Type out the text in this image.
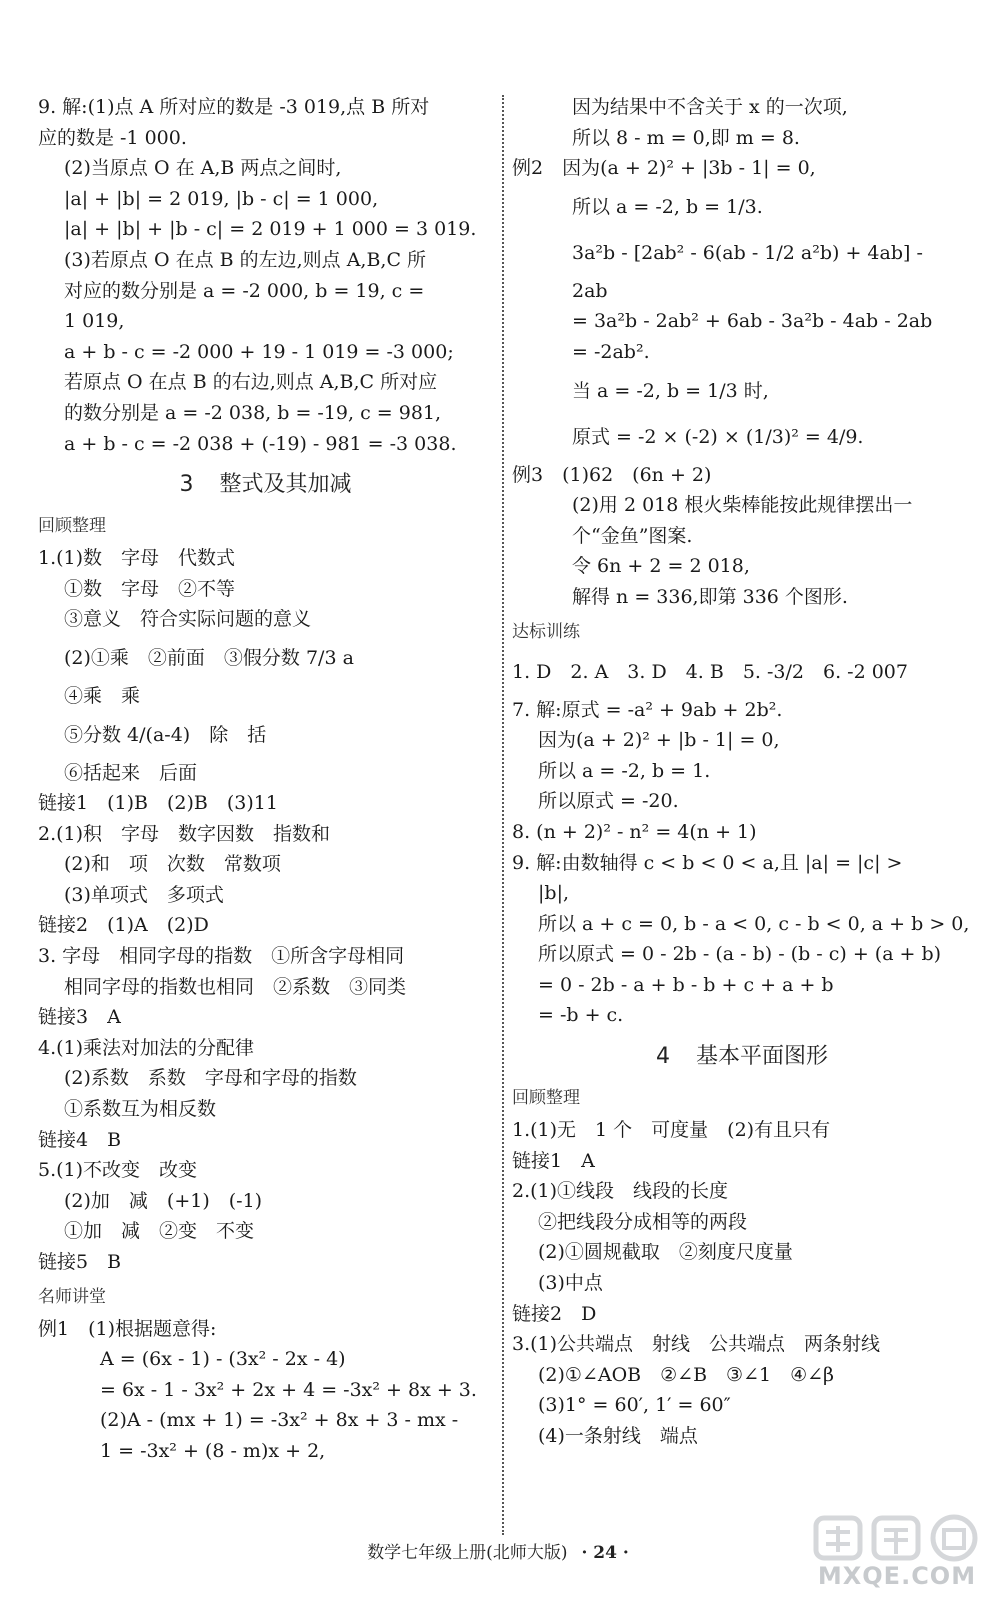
9. 解:(1)点 A 所对应的数是 -3 019,点 B 所对
应的数是 -1 000.
(2)当原点 O 在 A,B 两点之间时,
|a| + |b| = 2 019, |b - c| = 1 000,
|a| + |b| + |b - c| = 2 019 + 1 000 = 3 019.
(3)若原点 O 在点 B 的左边,则点 A,B,C 所
对应的数分别是 a = -2 000, b = 19, c =
1 019,
a + b - c = -2 000 + 19 - 1 019 = -3 000;
若原点 O 在点 B 的右边,则点 A,B,C 所对应
的数分别是 a = -2 038, b = -19, c = 981,
a + b - c = -2 038 + (-19) - 981 = -3 038.
3 整式及其加减
回顾整理
1.(1)数　字母　代数式
①数　字母　②不等
③意义　符合实际问题的意义
(2)①乘　②前面　③假分数 7/3 a
④乘　乘
⑤分数 4/(a-4)　除　括
⑥括起来　后面
链接1　(1)B　(2)B　(3)11
2.(1)积　字母　数字因数　指数和
(2)和　项　次数　常数项
(3)单项式　多项式
链接2　(1)A　(2)D
3. 字母　相同字母的指数　①所含字母相同
相同字母的指数也相同　②系数　③同类
链接3　A
4.(1)乘法对加法的分配律
(2)系数　系数　字母和字母的指数
①系数互为相反数
链接4　B
5.(1)不改变　改变
(2)加　减　(+1)　(-1)
①加　减　②变　不变
链接5　B
名师讲堂
例1　(1)根据题意得:
A = (6x - 1) - (3x² - 2x - 4)
= 6x - 1 - 3x² + 2x + 4 = -3x² + 8x + 3.
(2)A - (mx + 1) = -3x² + 8x + 3 - mx -
1 = -3x² + (8 - m)x + 2,
因为结果中不含关于 x 的一次项,
所以 8 - m = 0,即 m = 8.
例2　因为(a + 2)² + |3b - 1| = 0,
所以 a = -2, b = 1/3.
3a²b - [2ab² - 6(ab - 1/2 a²b) + 4ab] -
2ab
= 3a²b - 2ab² + 6ab - 3a²b - 4ab - 2ab
= -2ab².
当 a = -2, b = 1/3 时,
原式 = -2 × (-2) × (1/3)² = 4/9.
例3　(1)62　(6n + 2)
(2)用 2 018 根火柴棒能按此规律摆出一
个“金鱼”图案.
令 6n + 2 = 2 018,
解得 n = 336,即第 336 个图形.
达标训练
1. D　2. A　3. D　4. B　5. -3/2　6. -2 007
7. 解:原式 = -a² + 9ab + 2b².
因为(a + 2)² + |b - 1| = 0,
所以 a = -2, b = 1.
所以原式 = -20.
8. (n + 2)² - n² = 4(n + 1)
9. 解:由数轴得 c < b < 0 < a,且 |a| = |c| >
|b|,
所以 a + c = 0, b - a < 0, c - b < 0, a + b > 0,
所以原式 = 0 - 2b - (a - b) - (b - c) + (a + b)
= 0 - 2b - a + b - b + c + a + b
= -b + c.
4 基本平面图形
回顾整理
1.(1)无　1 个　可度量　(2)有且只有
链接1　A
2.(1)①线段　线段的长度
②把线段分成相等的两段
(2)①圆规截取　②刻度尺度量
(3)中点
链接2　D
3.(1)公共端点　射线　公共端点　两条射线
(2)①∠AOB　②∠B　③∠1　④∠β
(3)1° = 60′, 1′ = 60″
(4)一条射线　端点
数学七年级上册(北师大版) · 24 ·
MXQE.COM
